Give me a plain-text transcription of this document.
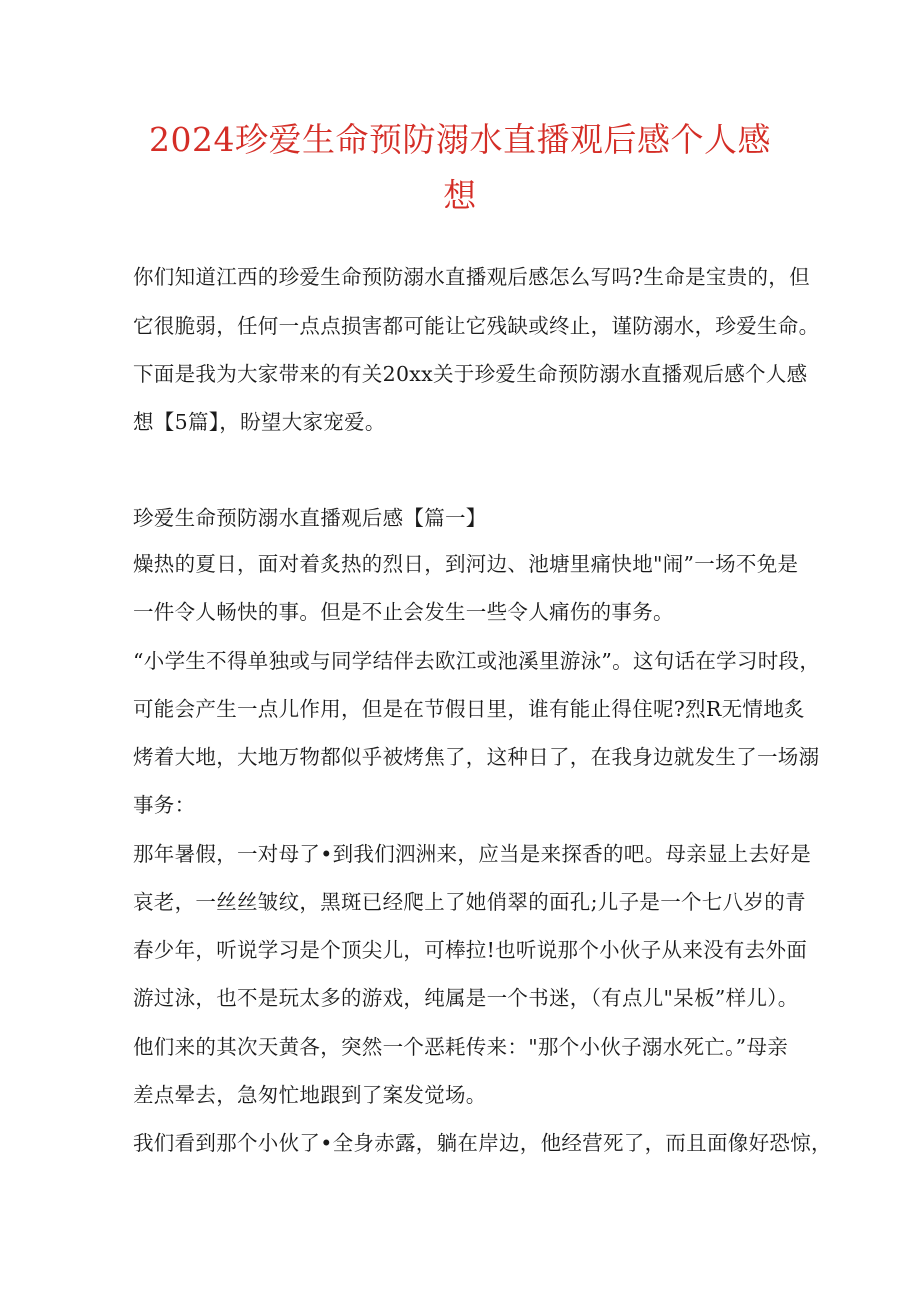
2024珍爱生命预防溺水直播观后感个人感
想
你们知道江西的珍爱生命预防溺水直播观后感怎么写吗?生命是宝贵的，但
它很脆弱，任何一点点损害都可能让它残缺或终止，谨防溺水，珍爱生命。
下面是我为大家带来的有关20xx关于珍爱生命预防溺水直播观后感个人感
想【5篇】，盼望大家宠爱。
珍爱生命预防溺水直播观后感【篇一】
燥热的夏日，面对着炙热的烈日，到河边、池塘里痛快地"闹”一场不免是
一件令人畅快的事。但是不止会发生一些令人痛伤的事务。
“小学生不得单独或与同学结伴去欧江或池溪里游泳”。这句话在学习时段，
可能会产生一点儿作用，但是在节假日里，谁有能止得住呢?烈R无情地炙
烤着大地，大地万物都似乎被烤焦了，这种日了，在我身边就发生了一场溺
事务：
那年暑假，一对母了•到我们泗洲来，应当是来探香的吧。母亲显上去好是
哀老，一丝丝皱纹，黑斑已经爬上了她俏翠的面孔;儿子是一个七八岁的青
春少年，听说学习是个顶尖儿，可棒拉!也听说那个小伙子从来没有去外面
游过泳，也不是玩太多的游戏，纯属是一个书迷，（有点儿"呆板”样儿）。
他们来的其次天黄各，突然一个恶耗传来："那个小伙子溺水死亡。”母亲
差点晕去，急匆忙地跟到了案发觉场。
我们看到那个小伙了•全身赤露，躺在岸边，他经营死了，而且面像好恐惊，
